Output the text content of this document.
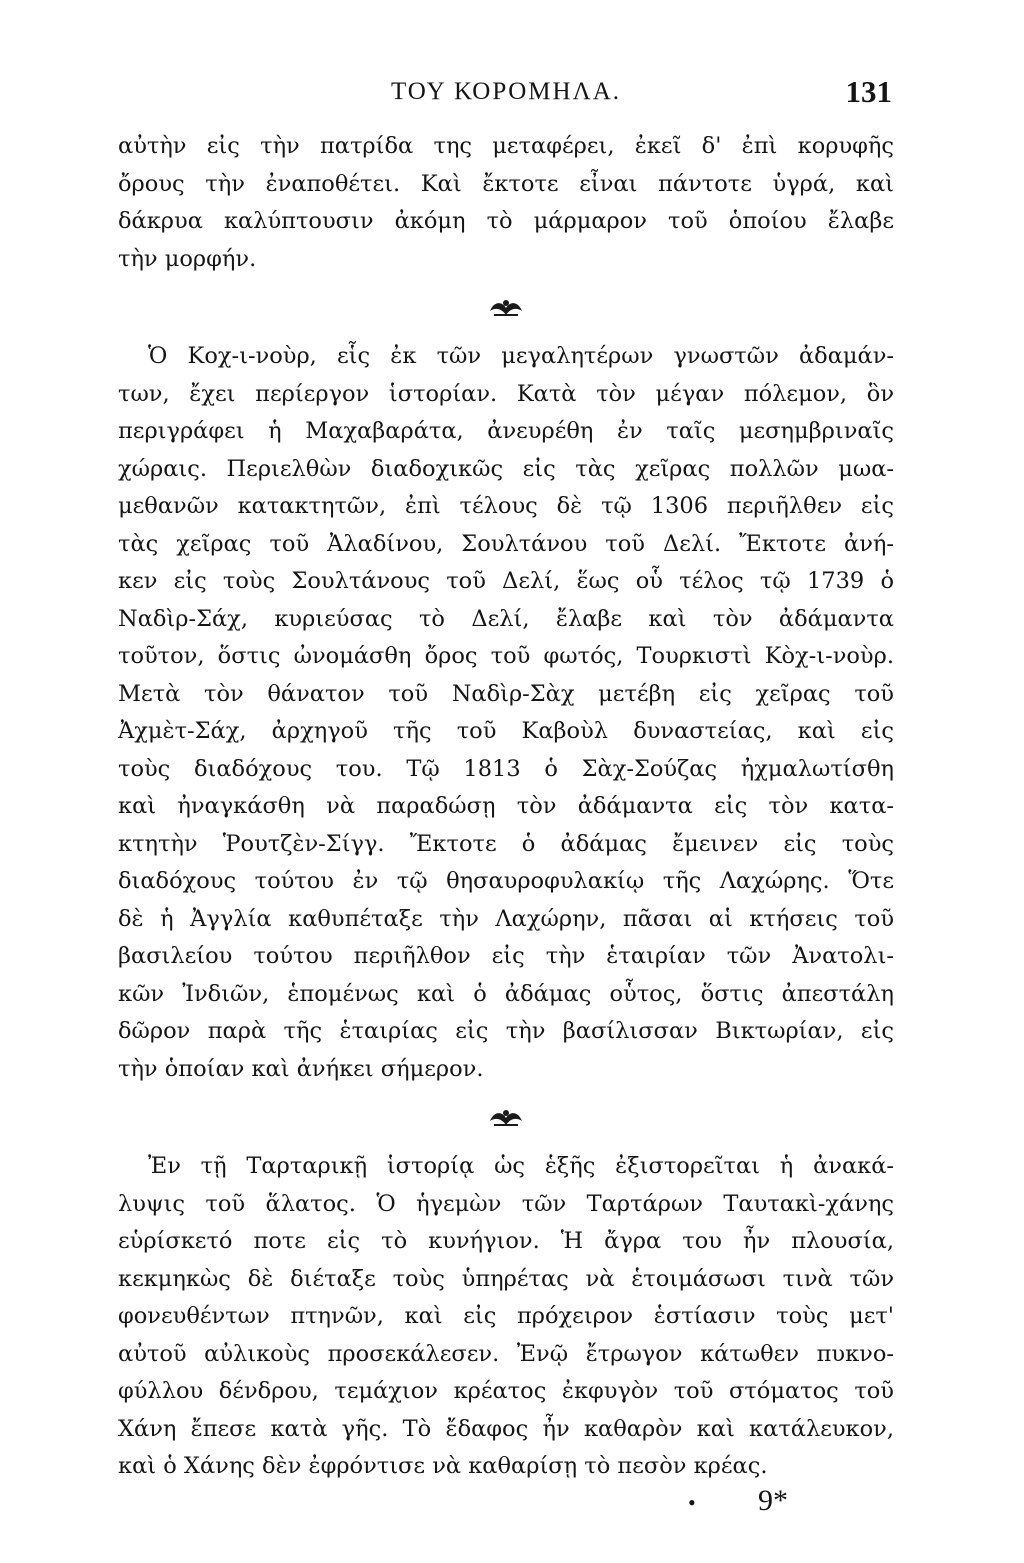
ΤΟΥ ΚΟΡΟΜΗΛΑ.	131

αὐτὴν εἰς τὴν πατρίδα της μεταφέρει, ἐκεῖ δ' ἐπὶ κορυφῆς
ὄρους τὴν ἐναποθέτει. Καὶ ἔκτοτε εἶναι πάντοτε ὑγρά, καὶ
δάκρυα καλύπτουσιν ἀκόμη τὸ μάρμαρον τοῦ ὁποίου ἔλαβε
τὴν μορφήν.

Ὁ Κοχ-ι-νοὺρ, εἷς ἐκ τῶν μεγαλητέρων γνωστῶν ἀδαμάν-
των, ἔχει περίεργον ἱστορίαν. Κατὰ τὸν μέγαν πόλεμον, ὃν
περιγράφει ἡ Μαχαβαράτα, ἀνευρέθη ἐν ταῖς μεσημβριναῖς
χώραις. Περιελθὼν διαδοχικῶς εἰς τὰς χεῖρας πολλῶν μωα-
μεθανῶν κατακτητῶν, ἐπὶ τέλους δὲ τῷ 1306 περιῆλθεν εἰς
τὰς χεῖρας τοῦ Ἀλαδίνου, Σουλτάνου τοῦ Δελί. Ἔκτοτε ἀνή-
κεν εἰς τοὺς Σουλτάνους τοῦ Δελί, ἕως οὗ τέλος τῷ 1739 ὁ
Ναδὶρ-Σάχ, κυριεύσας τὸ Δελί, ἔλαβε καὶ τὸν ἀδάμαντα
τοῦτον, ὅστις ὠνομάσθη ὄρος τοῦ φωτός, Τουρκιστὶ Κὸχ-ι-νοὺρ.
Μετὰ τὸν θάνατον τοῦ Ναδὶρ-Σὰχ μετέβη εἰς χεῖρας τοῦ
Ἀχμὲτ-Σάχ, ἀρχηγοῦ τῆς τοῦ Καβοὺλ δυναστείας, καὶ εἰς
τοὺς διαδόχους του. Τῷ 1813 ὁ Σὰχ-Σούζας ἠχμαλωτίσθη
καὶ ἠναγκάσθη νὰ παραδώσῃ τὸν ἀδάμαντα εἰς τὸν κατα-
κτητὴν Ῥουτζὲν-Σίγγ. Ἔκτοτε ὁ ἀδάμας ἔμεινεν εἰς τοὺς
διαδόχους τούτου ἐν τῷ θησαυροφυλακίῳ τῆς Λαχώρης. Ὅτε
δὲ ἡ Ἀγγλία καθυπέταξε τὴν Λαχώρην, πᾶσαι αἱ κτήσεις τοῦ
βασιλείου τούτου περιῆλθον εἰς τὴν ἑταιρίαν τῶν Ἀνατολι-
κῶν Ἰνδιῶν, ἑπομένως καὶ ὁ ἀδάμας οὗτος, ὅστις ἀπεστάλη
δῶρον παρὰ τῆς ἑταιρίας εἰς τὴν βασίλισσαν Βικτωρίαν, εἰς
τὴν ὁποίαν καὶ ἀνήκει σήμερον.

Ἐν τῇ Ταρταρικῇ ἱστορίᾳ ὡς ἑξῆς ἐξιστορεῖται ἡ ἀνακά-
λυψις τοῦ ἅλατος. Ὁ ἡγεμὼν τῶν Ταρτάρων Ταυτακὶ-χάνης
εὑρίσκετό ποτε εἰς τὸ κυνήγιον. Ἡ ἄγρα του ἦν πλουσία,
κεκμηκὼς δὲ διέταξε τοὺς ὑπηρέτας νὰ ἑτοιμάσωσι τινὰ τῶν
φονευθέντων πτηνῶν, καὶ εἰς πρόχειρον ἑστίασιν τοὺς μετ'
αὐτοῦ αὐλικοὺς προσεκάλεσεν. Ἐνῷ ἔτρωγον κάτωθεν πυκνο-
φύλλου δένδρου, τεμάχιον κρέατος ἐκφυγὸν τοῦ στόματος τοῦ
Χάνη ἔπεσε κατὰ γῆς. Τὸ ἔδαφος ἦν καθαρὸν καὶ κατάλευκον,
καὶ ὁ Χάνης δὲν ἐφρόντισε νὰ καθαρίσῃ τὸ πεσὸν κρέας.

• 9*
